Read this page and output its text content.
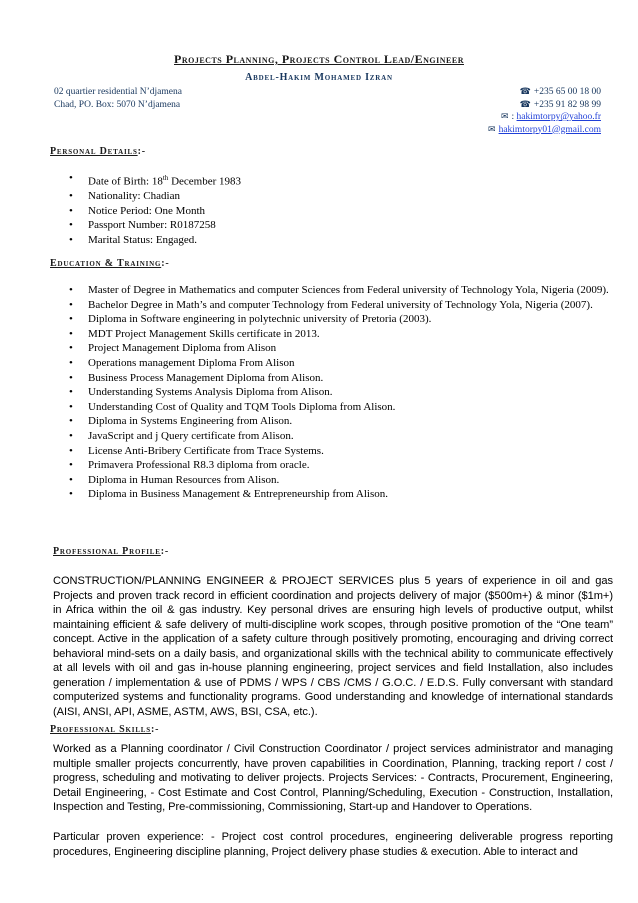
Projects Planning, Projects Control Lead/Engineer
Abdel-Hakim Mohamed Izran
02 quartier residential N’djamena
Chad, PO. Box: 5070 N’djamena
☎ +235 65 00 18 00
☎ +235 91 82 98 99
✉ : hakimtorpy@yahoo.fr
✉ hakimtorpy01@gmail.com
Personal Details:-
• Date of Birth: 18th December 1983
• Nationality: Chadian
• Notice Period: One Month
• Passport Number: R0187258
• Marital Status: Engaged.
Education & Training:-
• Master of Degree in Mathematics and computer Sciences from Federal university of Technology Yola, Nigeria (2009).
• Bachelor Degree in Math’s and computer Technology from Federal university of Technology Yola, Nigeria (2007).
• Diploma in Software engineering in polytechnic university of Pretoria (2003).
• MDT Project Management Skills certificate in 2013.
• Project Management Diploma from Alison
• Operations management Diploma From Alison
• Business Process Management Diploma from Alison.
• Understanding Systems Analysis Diploma from Alison.
• Understanding Cost of Quality and TQM Tools Diploma from Alison.
• Diploma in Systems Engineering from Alison.
• JavaScript and j Query certificate from Alison.
• License Anti-Bribery Certificate from Trace Systems.
• Primavera Professional R8.3 diploma from oracle.
• Diploma in Human Resources from Alison.
• Diploma in Business Management & Entrepreneurship from Alison.
Professional Profile:-
CONSTRUCTION/PLANNING ENGINEER & PROJECT SERVICES plus 5 years of experience in oil and gas Projects and proven track record in efficient coordination and projects delivery of major ($500m+) & minor ($1m+) in Africa within the oil & gas industry. Key personal drives are ensuring high levels of productive output, whilst maintaining efficient & safe delivery of multi-discipline work scopes, through positive promotion of the “One team” concept. Active in the application of a safety culture through positively promoting, encouraging and driving correct behavioral mind-sets on a daily basis, and organizational skills with the technical ability to communicate effectively at all levels with oil and gas in-house planning engineering, project services and field Installation, also includes generation / implementation & use of PDMS / WPS / CBS /CMS / G.O.C. / E.D.S. Fully conversant with standard computerized systems and functionality programs. Good understanding and knowledge of international standards (AISI, ANSI, API, ASME, ASTM, AWS, BSI, CSA, etc.).
Professional Skills:-
Worked as a Planning coordinator / Civil Construction Coordinator / project services administrator and managing multiple smaller projects concurrently, have proven capabilities in Coordination, Planning, tracking report / cost / progress, scheduling and motivating to deliver projects. Projects Services: - Contracts, Procurement, Engineering, Detail Engineering, - Cost Estimate and Cost Control, Planning/Scheduling, Execution - Construction, Installation, Inspection and Testing, Pre-commissioning, Commissioning, Start-up and Handover to Operations.
Particular proven experience: - Project cost control procedures, engineering deliverable progress reporting procedures, Engineering discipline planning, Project delivery phase studies & execution. Able to interact and
